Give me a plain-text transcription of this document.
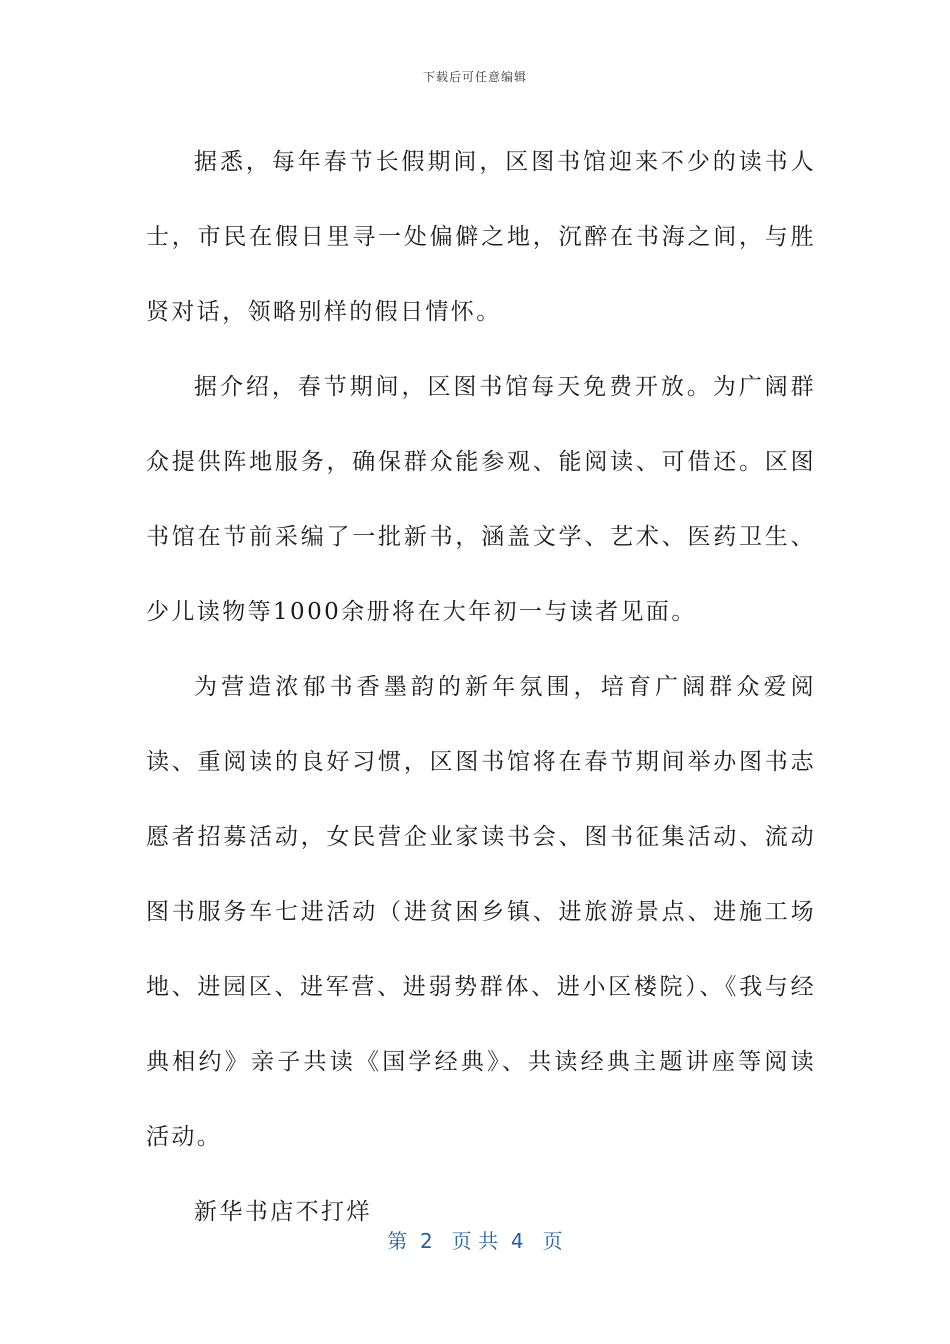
下载后可任意编辑

据悉，每年春节长假期间，区图书馆迎来不少的读书人士，市民在假日里寻一处偏僻之地，沉醉在书海之间，与胜贤对话，领略别样的假日情怀。

据介绍，春节期间，区图书馆每天免费开放。为广阔群众提供阵地服务，确保群众能参观、能阅读、可借还。区图书馆在节前采编了一批新书，涵盖文学、艺术、医药卫生、少儿读物等1000余册将在大年初一与读者见面。

为营造浓郁书香墨韵的新年氛围，培育广阔群众爱阅读、重阅读的良好习惯，区图书馆将在春节期间举办图书志愿者招募活动，女民营企业家读书会、图书征集活动、流动图书服务车七进活动（进贫困乡镇、进旅游景点、进施工场地、进园区、进军营、进弱势群体、进小区楼院）、《我与经典相约》亲子共读《国学经典》、共读经典主题讲座等阅读活动。

新华书店不打烊

第  2   页 共  4   页
